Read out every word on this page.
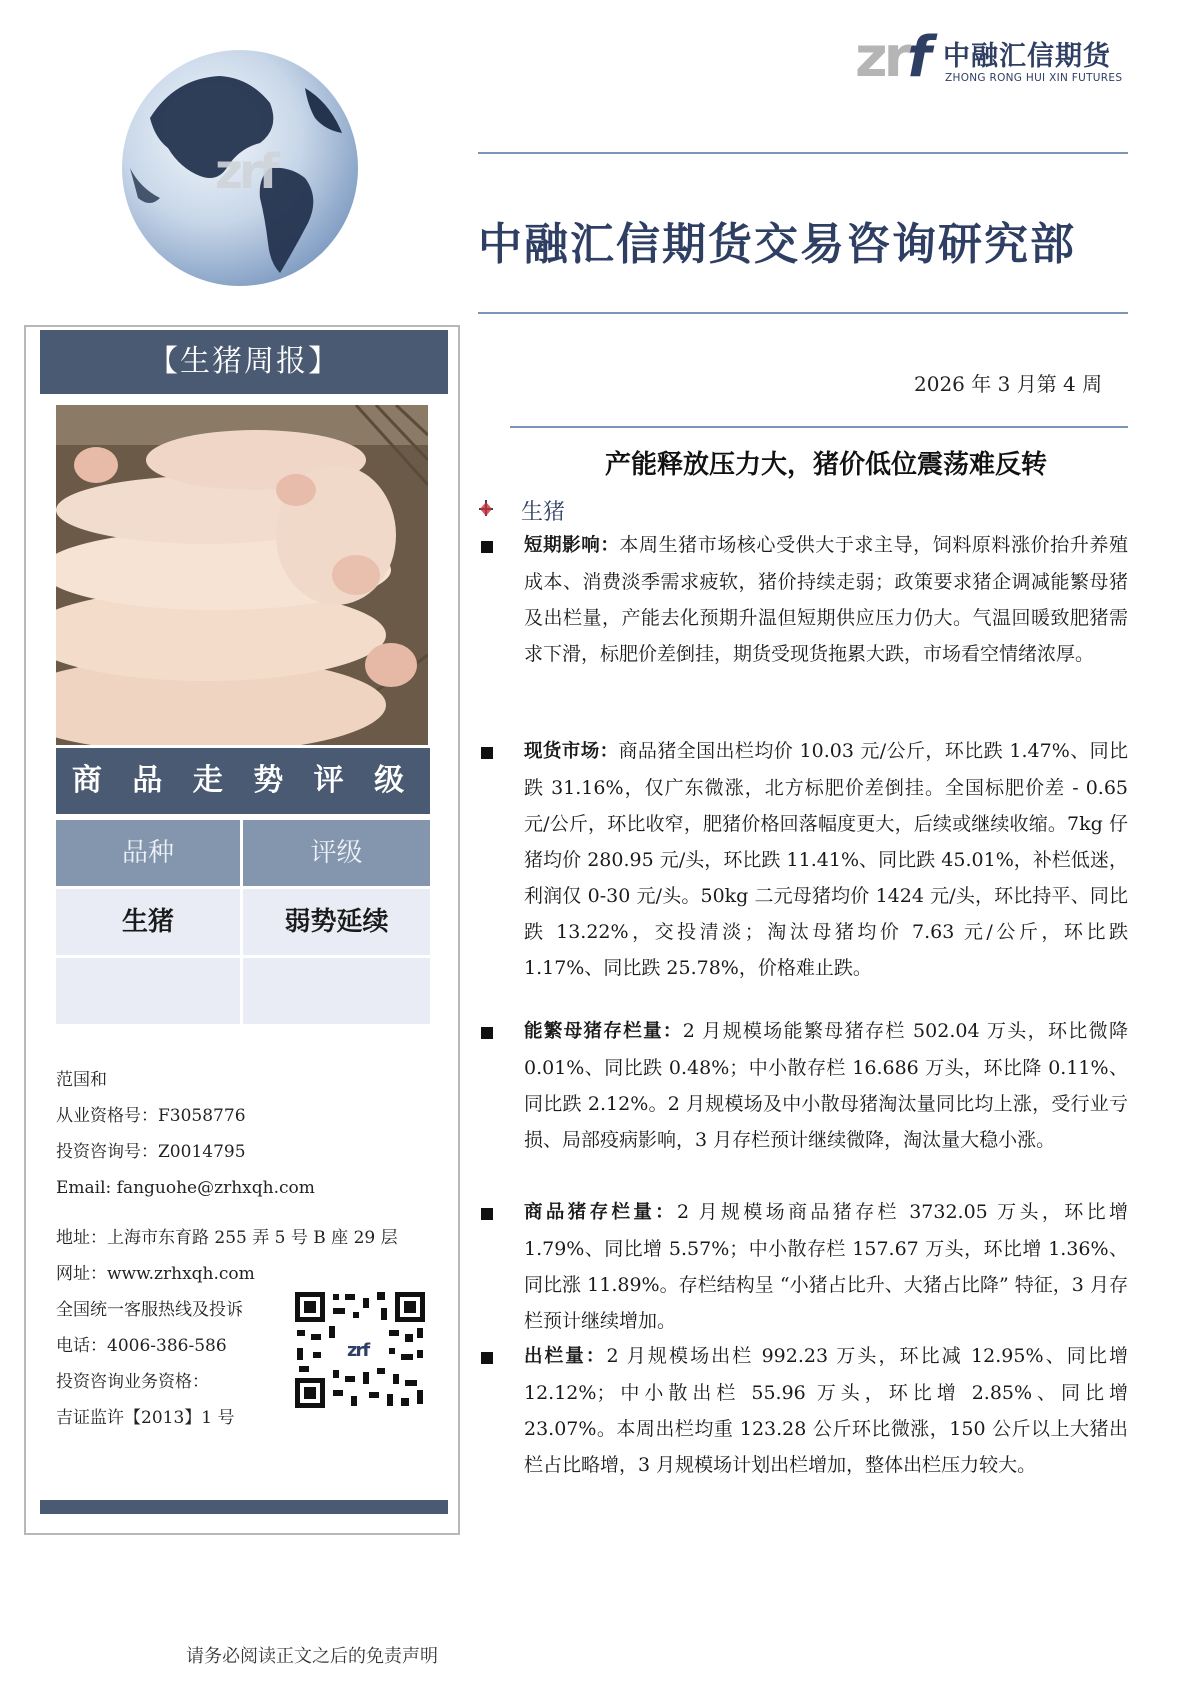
zrf
zrf 中融汇信期货
ZHONG RONG HUI XIN FUTURES
中融汇信期货交易咨询研究部
【生猪周报】
商 品 走 势 评 级
品种	评级
生猪	弱势延续
范国和
从业资格号：F3058776
投资咨询号：Z0014795
Email: fanguohe@zrhxqh.com
地址：上海市东育路 255 弄 5 号 B 座 29 层
网址：www.zrhxqh.com
全国统一客服热线及投诉
电话：4006-386-586
投资咨询业务资格：
吉证监许【2013】1 号
zrf
2026 年 3 月第 4 周
产能释放压力大，猪价低位震荡难反转
生猪
短期影响：本周生猪市场核心受供大于求主导，饲料原料涨价抬升养殖成本、消费淡季需求疲软，猪价持续走弱；政策要求猪企调减能繁母猪及出栏量，产能去化预期升温但短期供应压力仍大。气温回暖致肥猪需求下滑，标肥价差倒挂，期货受现货拖累大跌，市场看空情绪浓厚。
现货市场：商品猪全国出栏均价 10.03 元/公斤，环比跌 1.47%、同比跌 31.16%，仅广东微涨，北方标肥价差倒挂。全国标肥价差 - 0.65 元/公斤，环比收窄，肥猪价格回落幅度更大，后续或继续收缩。7kg 仔猪均价 280.95 元/头，环比跌 11.41%、同比跌 45.01%，补栏低迷，利润仅 0-30 元/头。50kg 二元母猪均价 1424 元/头，环比持平、同比跌 13.22%，交投清淡；淘汰母猪均价 7.63 元/公斤，环比跌 1.17%、同比跌 25.78%，价格难止跌。
能繁母猪存栏量：2 月规模场能繁母猪存栏 502.04 万头，环比微降 0.01%、同比跌 0.48%；中小散存栏 16.686 万头，环比降 0.11%、同比跌 2.12%。2 月规模场及中小散母猪淘汰量同比均上涨，受行业亏损、局部疫病影响，3 月存栏预计继续微降，淘汰量大稳小涨。
商品猪存栏量：2 月规模场商品猪存栏 3732.05 万头，环比增 1.79%、同比增 5.57%；中小散存栏 157.67 万头，环比增 1.36%、同比涨 11.89%。存栏结构呈 “小猪占比升、大猪占比降” 特征，3 月存栏预计继续增加。
出栏量：2 月规模场出栏 992.23 万头，环比减 12.95%、同比增 12.12%；中小散出栏 55.96 万头，环比增 2.85%、同比增 23.07%。本周出栏均重 123.28 公斤环比微涨，150 公斤以上大猪出栏占比略增，3 月规模场计划出栏增加，整体出栏压力较大。
请务必阅读正文之后的免责声明
